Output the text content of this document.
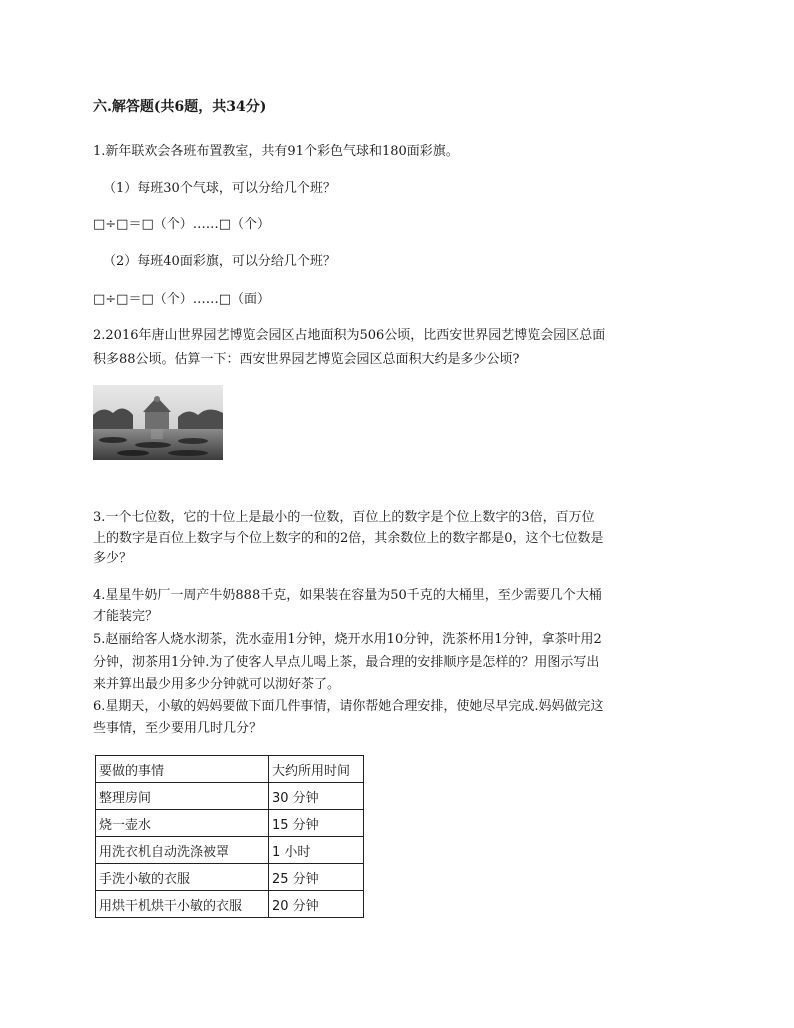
六.解答题(共6题，共34分)
1.新年联欢会各班布置教室，共有91个彩色气球和180面彩旗。
（1）每班30个气球，可以分给几个班？
□÷□＝□（个）……□（个）
（2）每班40面彩旗，可以分给几个班？
□÷□＝□（个）……□（面）
2.2016年唐山世界园艺博览会园区占地面积为506公顷，比西安世界园艺博览会园区总面
积多88公顷。估算一下：西安世界园艺博览会园区总面积大约是多少公顷?
3.一个七位数，它的十位上是最小的一位数，百位上的数字是个位上数字的3倍，百万位
上的数字是百位上数字与个位上数字的和的2倍，其余数位上的数字都是0，这个七位数是
多少？
4.星星牛奶厂一周产牛奶888千克，如果装在容量为50千克的大桶里，至少需要几个大桶
才能装完？
5.赵丽给客人烧水沏茶，洗水壶用1分钟，烧开水用10分钟，洗茶杯用1分钟，拿茶叶用2
分钟，沏茶用1分钟.为了使客人早点儿喝上茶，最合理的安排顺序是怎样的？用图示写出
来并算出最少用多少分钟就可以沏好茶了。
6.星期天，小敏的妈妈要做下面几件事情，请你帮她合理安排，使她尽早完成.妈妈做完这
些事情，至少要用几时几分？
要做的事情	大约所用时间
整理房间	30 分钟
烧一壶水	15 分钟
用洗衣机自动洗涤被罩	1 小时
手洗小敏的衣服	25 分钟
用烘干机烘干小敏的衣服	20 分钟
